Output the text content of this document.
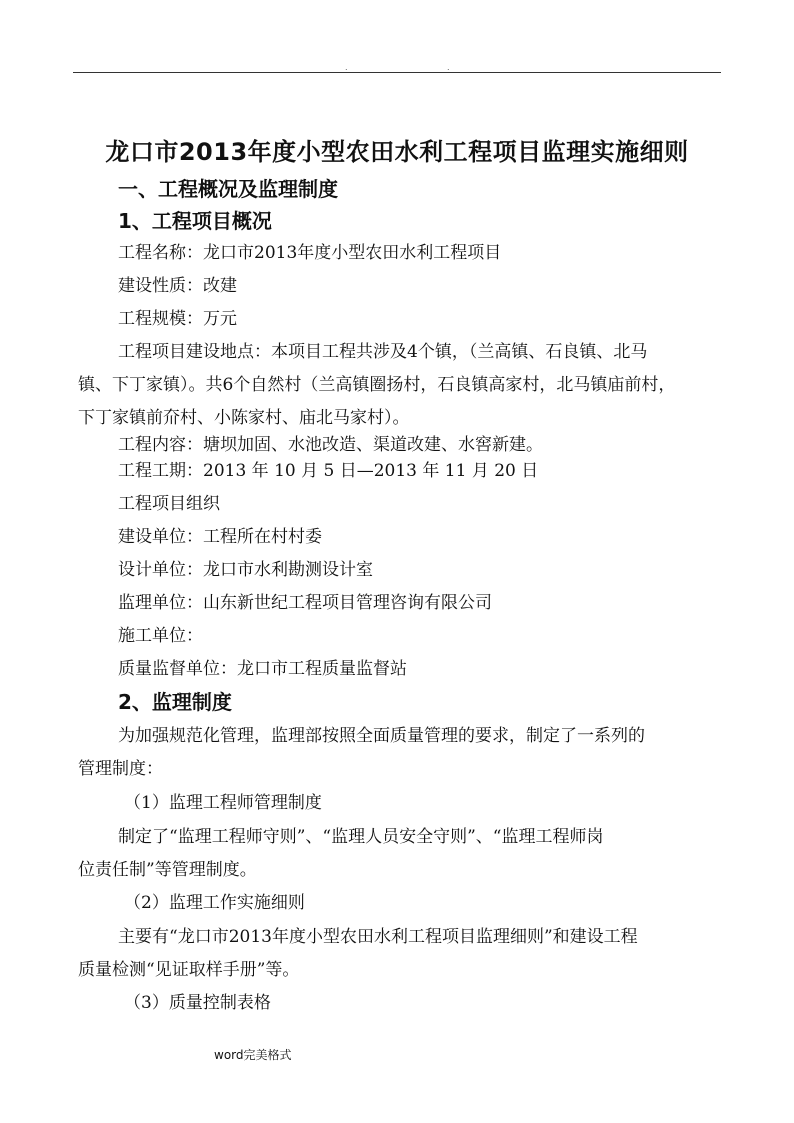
.	.
龙口市2013年度小型农田水利工程项目监理实施细则
一、工程概况及监理制度
1、工程项目概况
工程名称：龙口市2013年度小型农田水利工程项目
建设性质：改建
工程规模：万元
工程项目建设地点：本项目工程共涉及4个镇，（兰高镇、石良镇、北马
镇、下丁家镇）。共6个自然村（兰高镇圈扬村，石良镇高家村，北马镇庙前村，
下丁家镇前夼村、小陈家村、庙北马家村）。
工程内容：塘坝加固、水池改造、渠道改建、水窖新建。
工程工期：2013 年 10 月 5 日—2013 年 11 月 20 日
工程项目组织
建设单位：工程所在村村委
设计单位：龙口市水利勘测设计室
监理单位：山东新世纪工程项目管理咨询有限公司
施工单位：
质量监督单位：龙口市工程质量监督站
2、监理制度
为加强规范化管理，监理部按照全面质量管理的要求，制定了一系列的
管理制度：
（1）监理工程师管理制度
制定了“监理工程师守则”、“监理人员安全守则”、“监理工程师岗
位责任制”等管理制度。
（2）监理工作实施细则
主要有“龙口市2013年度小型农田水利工程项目监理细则”和建设工程
质量检测“见证取样手册”等。
（3）质量控制表格
word完美格式
